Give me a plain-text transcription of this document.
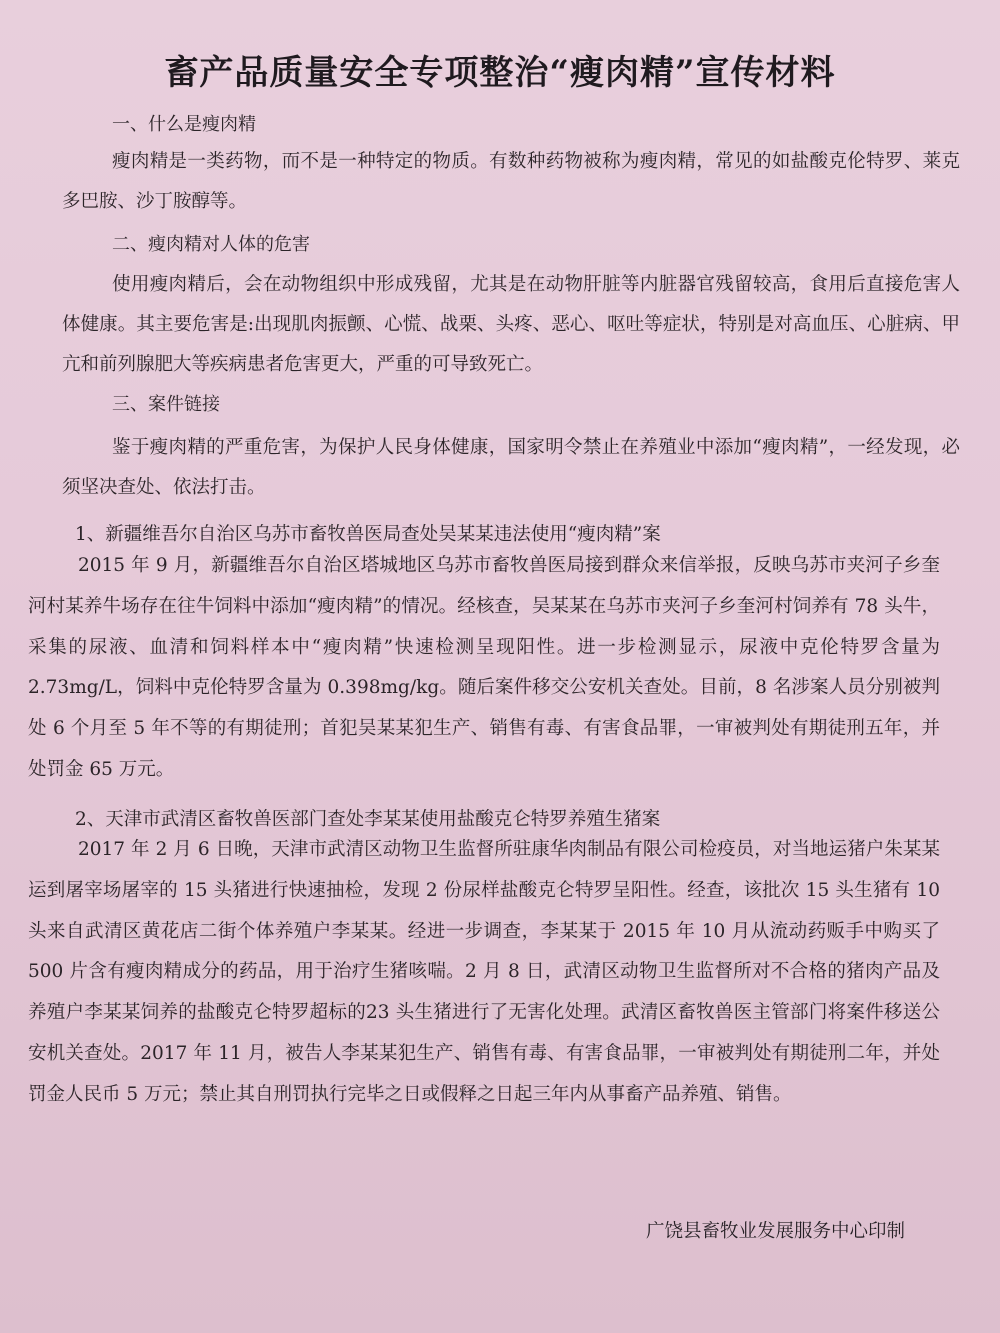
畜产品质量安全专项整治“瘦肉精”宣传材料
一、什么是瘦肉精
瘦肉精是一类药物，而不是一种特定的物质。有数种药物被称为瘦肉精，常见的如盐酸克伦特罗、莱克多巴胺、沙丁胺醇等。
二、瘦肉精对人体的危害
使用瘦肉精后，会在动物组织中形成残留，尤其是在动物肝脏等内脏器官残留较高，食用后直接危害人体健康。其主要危害是:出现肌肉振颤、心慌、战栗、头疼、恶心、呕吐等症状，特别是对高血压、心脏病、甲亢和前列腺肥大等疾病患者危害更大，严重的可导致死亡。
三、案件链接
鉴于瘦肉精的严重危害，为保护人民身体健康，国家明令禁止在养殖业中添加“瘦肉精”，一经发现，必须坚决查处、依法打击。
1、新疆维吾尔自治区乌苏市畜牧兽医局查处吴某某违法使用“瘦肉精”案
2015 年 9 月，新疆维吾尔自治区塔城地区乌苏市畜牧兽医局接到群众来信举报，反映乌苏市夹河子乡奎河村某养牛场存在往牛饲料中添加“瘦肉精”的情况。经核查，吴某某在乌苏市夹河子乡奎河村饲养有 78 头牛，采集的尿液、血清和饲料样本中“瘦肉精”快速检测呈现阳性。进一步检测显示，尿液中克伦特罗含量为 2.73mg/L，饲料中克伦特罗含量为 0.398mg/kg。随后案件移交公安机关查处。目前，8 名涉案人员分别被判处 6 个月至 5 年不等的有期徒刑；首犯吴某某犯生产、销售有毒、有害食品罪，一审被判处有期徒刑五年，并处罚金 65 万元。
2、天津市武清区畜牧兽医部门查处李某某使用盐酸克仑特罗养殖生猪案
2017 年 2 月 6 日晚，天津市武清区动物卫生监督所驻康华肉制品有限公司检疫员，对当地运猪户朱某某运到屠宰场屠宰的 15 头猪进行快速抽检，发现 2 份尿样盐酸克仑特罗呈阳性。经查，该批次 15 头生猪有 10 头来自武清区黄花店二街个体养殖户李某某。经进一步调查，李某某于 2015 年 10 月从流动药贩手中购买了 500 片含有瘦肉精成分的药品，用于治疗生猪咳喘。2 月 8 日，武清区动物卫生监督所对不合格的猪肉产品及养殖户李某某饲养的盐酸克仑特罗超标的23 头生猪进行了无害化处理。武清区畜牧兽医主管部门将案件移送公安机关查处。2017 年 11 月，被告人李某某犯生产、销售有毒、有害食品罪，一审被判处有期徒刑二年，并处罚金人民币 5 万元；禁止其自刑罚执行完毕之日或假释之日起三年内从事畜产品养殖、销售。
广饶县畜牧业发展服务中心印制
